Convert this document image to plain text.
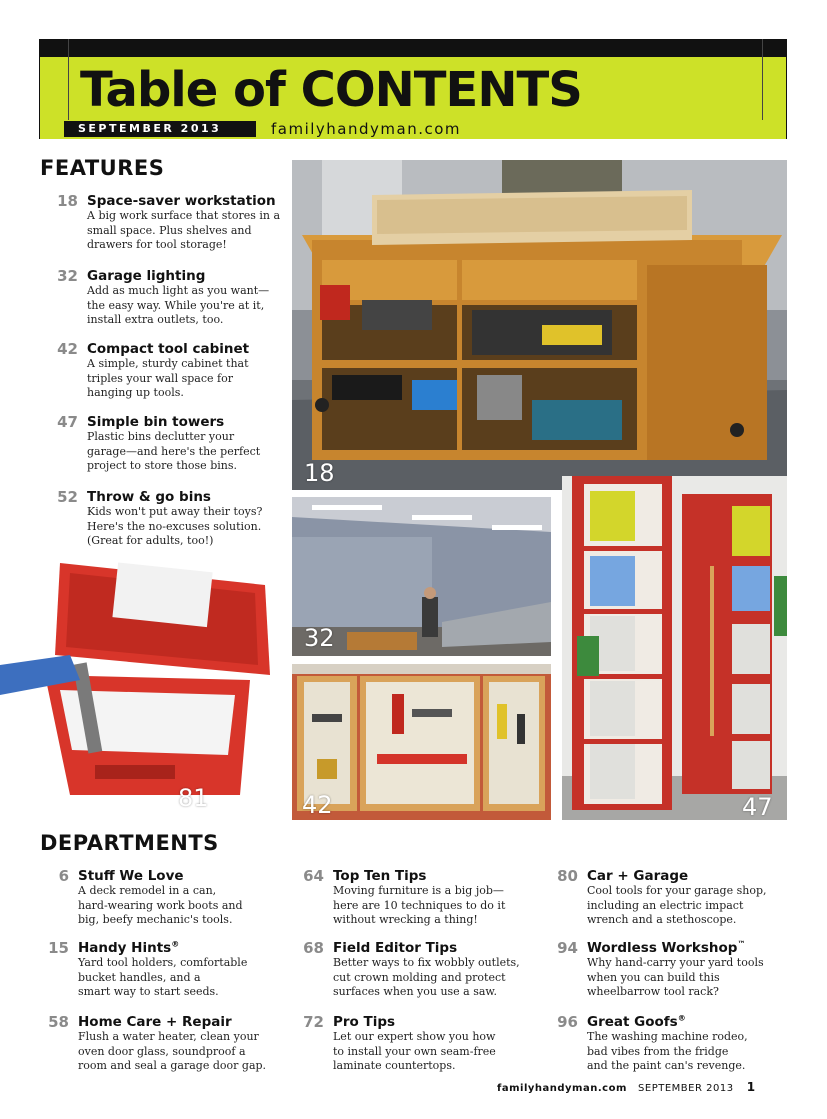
Table of CONTENTS
SEPTEMBER 2013	familyhandyman.com
FEATURES
18 Space-saver workstation
A big work surface that stores in a
small space. Plus shelves and
drawers for tool storage!
32 Garage lighting
Add as much light as you want—
the easy way. While you're at it,
install extra outlets, too.
42 Compact tool cabinet
A simple, sturdy cabinet that
triples your wall space for
hanging up tools.
47 Simple bin towers
Plastic bins declutter your
garage—and here's the perfect
project to store those bins.
52 Throw & go bins
Kids won't put away their toys?
Here's the no-excuses solution.
(Great for adults, too!)
18
32
42	47
81
DEPARTMENTS
6 Stuff We Love
A deck remodel in a can,
hard-wearing work boots and
big, beefy mechanic's tools.
15 Handy Hints®
Yard tool holders, comfortable
bucket handles, and a
smart way to start seeds.
58 Home Care + Repair
Flush a water heater, clean your
oven door glass, soundproof a
room and seal a garage door gap.
64 Top Ten Tips
Moving furniture is a big job—
here are 10 techniques to do it
without wrecking a thing!
68 Field Editor Tips
Better ways to fix wobbly outlets,
cut crown molding and protect
surfaces when you use a saw.
72 Pro Tips
Let our expert show you how
to install your own seam-free
laminate countertops.
80 Car + Garage
Cool tools for your garage shop,
including an electric impact
wrench and a stethoscope.
94 Wordless Workshop™
Why hand-carry your yard tools
when you can build this
wheelbarrow tool rack?
96 Great Goofs®
The washing machine rodeo,
bad vibes from the fridge
and the paint can's revenge.
familyhandyman.com SEPTEMBER 2013 1
